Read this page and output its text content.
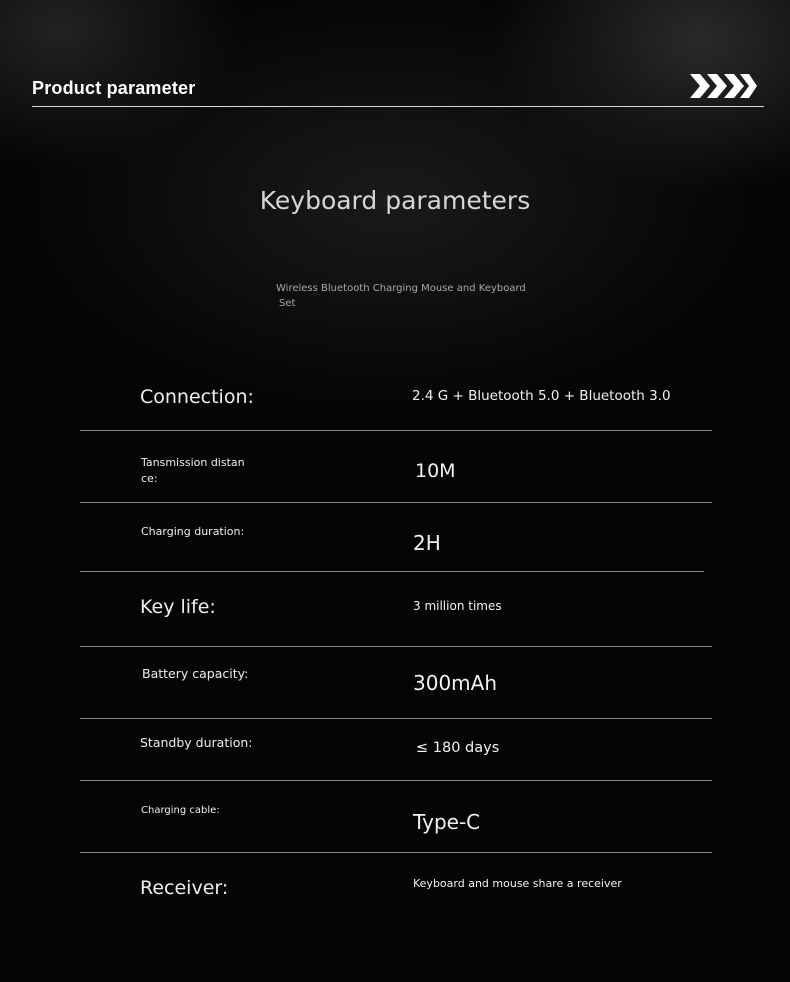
Product parameter
Keyboard parameters
Wireless Bluetooth Charging Mouse and Keyboard
Set
Connection:	2.4 G + Bluetooth 5.0 + Bluetooth 3.0
Tansmission distan
ce:	10M
Charging duration:	2H
Key life:	3 million times
Battery capacity:	300mAh
Standby duration:	≤ 180 days
Charging cable:	Type-C
Receiver:	Keyboard and mouse share a receiver
